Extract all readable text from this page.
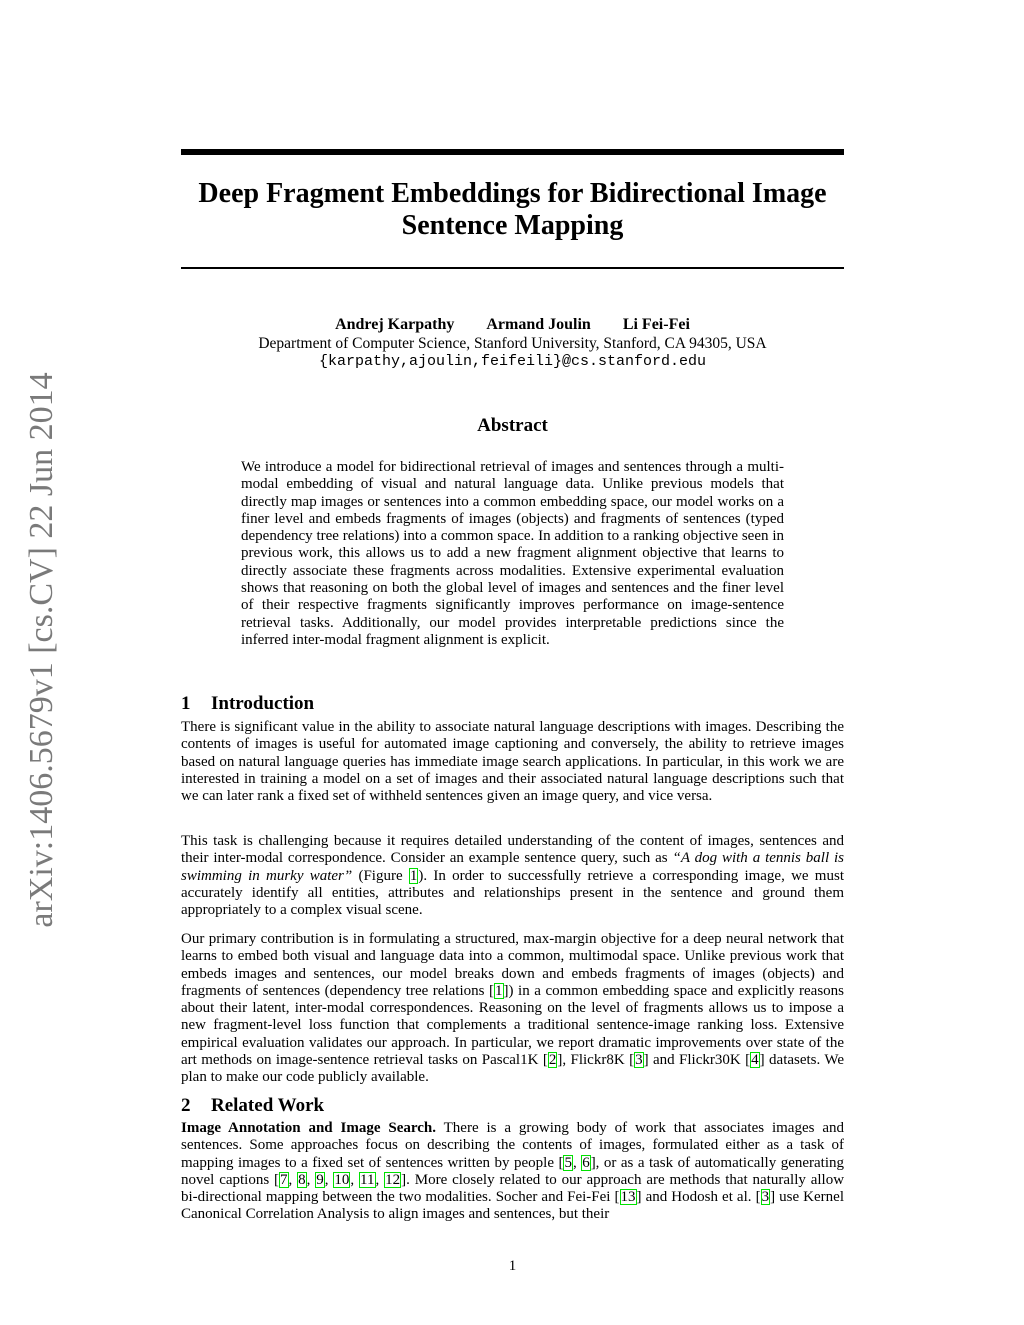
arXiv:1406.5679v1 [cs.CV] 22 Jun 2014
Deep Fragment Embeddings for Bidirectional Image
Sentence Mapping
Andrej Karpathy Armand Joulin Li Fei-Fei
Department of Computer Science, Stanford University, Stanford, CA 94305, USA
{karpathy,ajoulin,feifeili}@cs.stanford.edu
Abstract
We introduce a model for bidirectional retrieval of images and sentences through a multi-modal embedding of visual and natural language data. Unlike previous models that directly map images or sentences into a common embedding space, our model works on a finer level and embeds fragments of images (objects) and fragments of sentences (typed dependency tree relations) into a common space. In addition to a ranking objective seen in previous work, this allows us to add a new fragment alignment objective that learns to directly associate these fragments across modalities. Extensive experimental evaluation shows that reasoning on both the global level of images and sentences and the finer level of their respective fragments significantly improves performance on image-sentence retrieval tasks. Additionally, our model provides interpretable predictions since the inferred inter-modal fragment alignment is explicit.
1 Introduction
There is significant value in the ability to associate natural language descriptions with images. Describing the contents of images is useful for automated image captioning and conversely, the ability to retrieve images based on natural language queries has immediate image search applications. In particular, in this work we are interested in training a model on a set of images and their associated natural language descriptions such that we can later rank a fixed set of withheld sentences given an image query, and vice versa.
This task is challenging because it requires detailed understanding of the content of images, sentences and their inter-modal correspondence. Consider an example sentence query, such as “A dog with a tennis ball is swimming in murky water” (Figure 1). In order to successfully retrieve a corresponding image, we must accurately identify all entities, attributes and relationships present in the sentence and ground them appropriately to a complex visual scene.
Our primary contribution is in formulating a structured, max-margin objective for a deep neural network that learns to embed both visual and language data into a common, multimodal space. Unlike previous work that embeds images and sentences, our model breaks down and embeds fragments of images (objects) and fragments of sentences (dependency tree relations [1]) in a common embedding space and explicitly reasons about their latent, inter-modal correspondences. Reasoning on the level of fragments allows us to impose a new fragment-level loss function that complements a traditional sentence-image ranking loss. Extensive empirical evaluation validates our approach. In particular, we report dramatic improvements over state of the art methods on image-sentence retrieval tasks on Pascal1K [2], Flickr8K [3] and Flickr30K [4] datasets. We plan to make our code publicly available.
2 Related Work
Image Annotation and Image Search. There is a growing body of work that associates images and sentences. Some approaches focus on describing the contents of images, formulated either as a task of mapping images to a fixed set of sentences written by people [5, 6], or as a task of automatically generating novel captions [7, 8, 9, 10, 11, 12]. More closely related to our approach are methods that naturally allow bi-directional mapping between the two modalities. Socher and Fei-Fei [13] and Hodosh et al. [3] use Kernel Canonical Correlation Analysis to align images and sentences, but their
1
